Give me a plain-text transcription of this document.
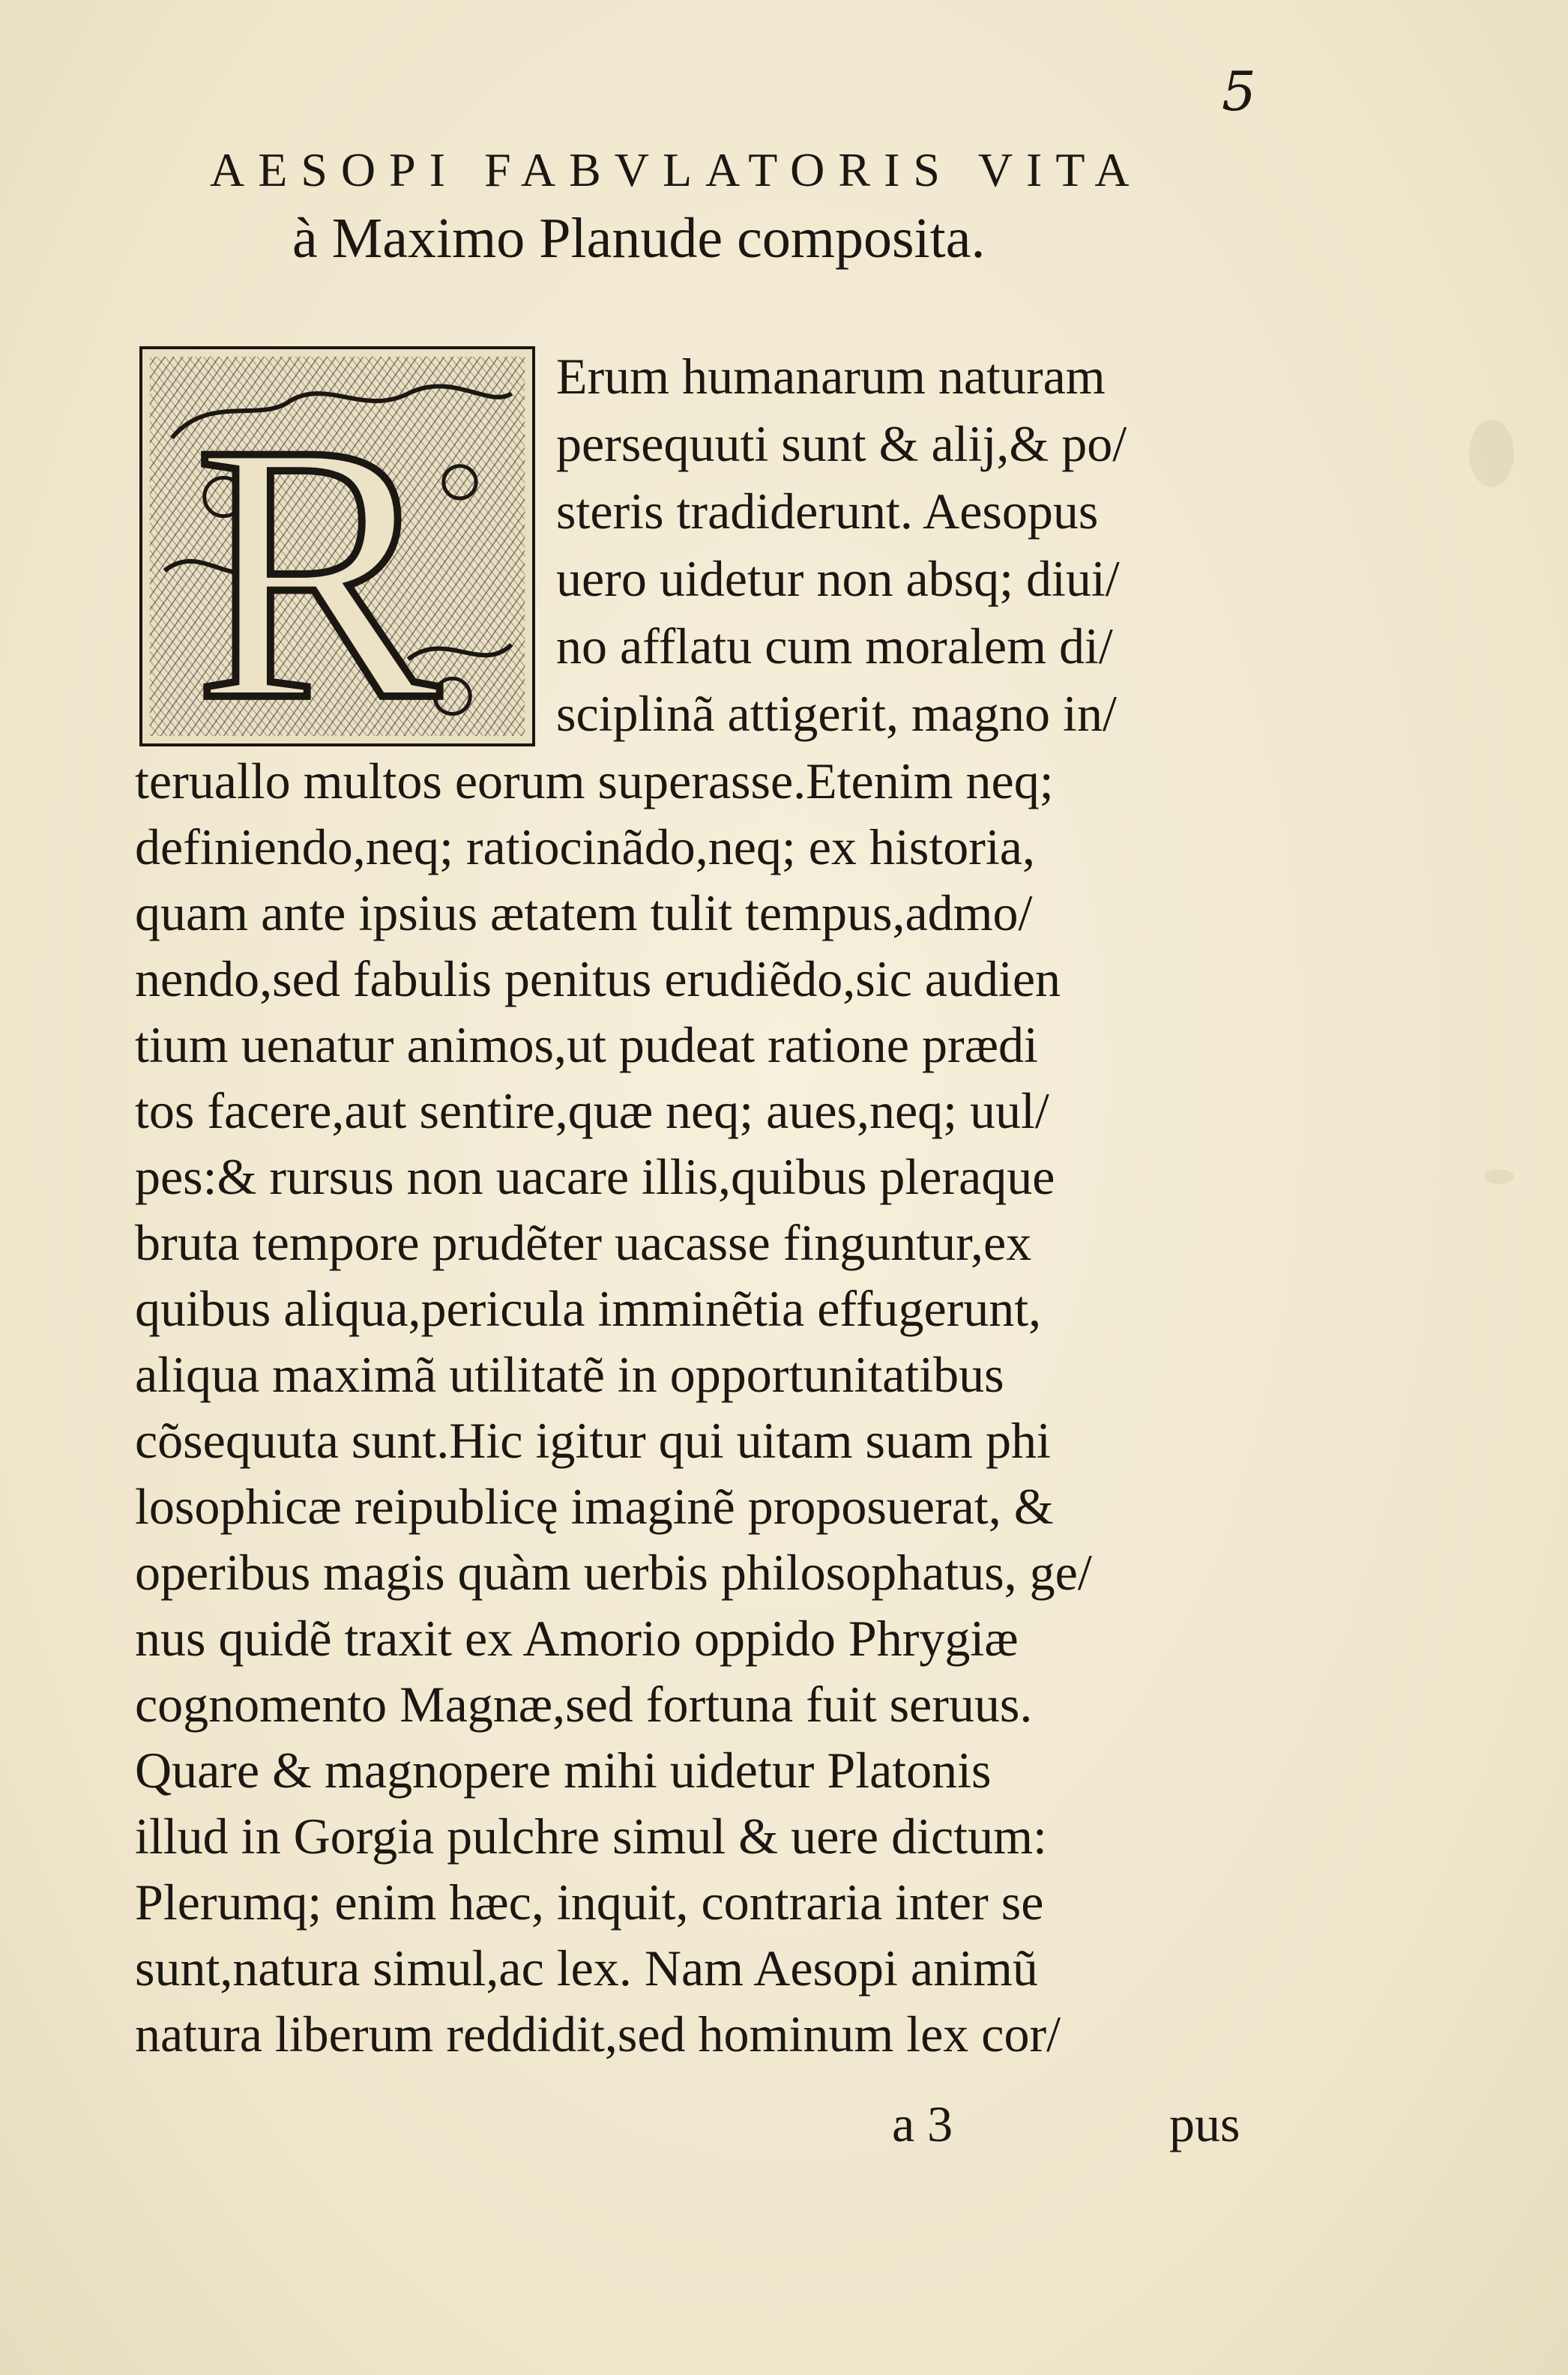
5
AESOPI FABVLATORIS VITA
à Maximo Planude composita.
R Erum humanarum naturam
persequuti sunt & alij,& po/
steris tradiderunt. Aesopus
uero uidetur non absq; diui/
no afflatu cum moralem di/
sciplinã attigerit, magno in/
teruallo multos eorum superasse.Etenim neq;
definiendo,neq; ratiocinãdo,neq; ex historia,
quam ante ipsius ætatem tulit tempus,admo/
nendo,sed fabulis penitus erudiẽdo,sic audien
tium uenatur animos,ut pudeat ratione prædi
tos facere,aut sentire,quæ neq; aues,neq; uul/
pes:& rursus non uacare illis,quibus pleraque
bruta tempore prudẽter uacasse finguntur,ex
quibus aliqua,pericula imminẽtia effugerunt,
aliqua maximã utilitatẽ in opportunitatibus
cõsequuta sunt.Hic igitur qui uitam suam phi
losophicæ reipublicę imaginẽ proposuerat, &
operibus magis quàm uerbis philosophatus, ge/
nus quidẽ traxit ex Amorio oppido Phrygiæ
cognomento Magnæ,sed fortuna fuit seruus.
Quare & magnopere mihi uidetur Platonis
illud in Gorgia pulchre simul & uere dictum:
Plerumq; enim hæc, inquit, contraria inter se
sunt,natura simul,ac lex. Nam Aesopi animũ
natura liberum reddidit,sed hominum lex cor/
a 3	pus
